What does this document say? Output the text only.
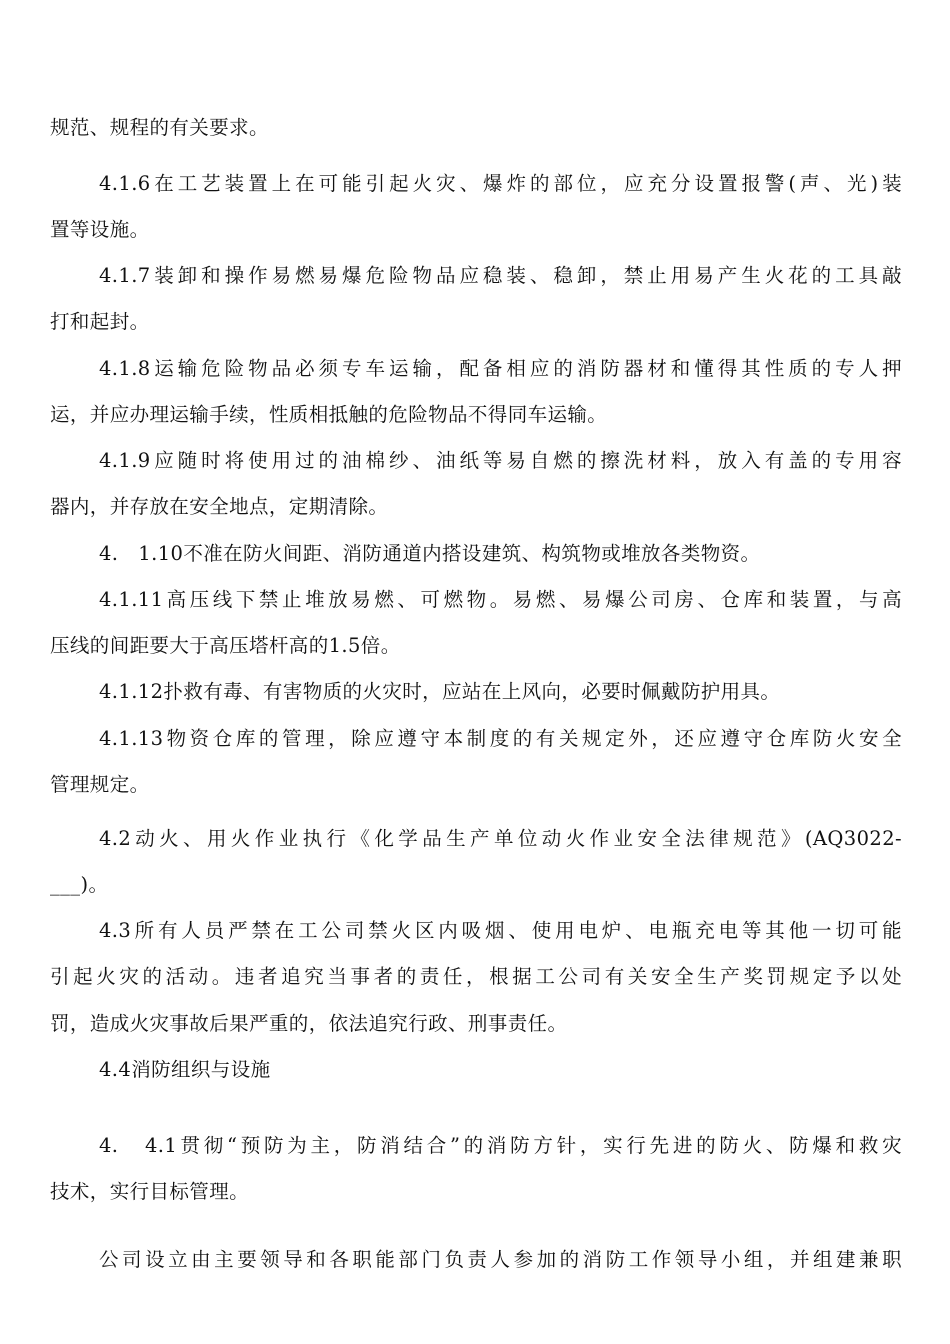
规范、规程的有关要求。
4.1.6在工艺装置上在可能引起火灾、爆炸的部位，应充分设置报警(声、光)装
置等设施。
4.1.7装卸和操作易燃易爆危险物品应稳装、稳卸，禁止用易产生火花的工具敲
打和起封。
4.1.8运输危险物品必须专车运输，配备相应的消防器材和懂得其性质的专人押
运，并应办理运输手续，性质相抵触的危险物品不得同车运输。
4.1.9应随时将使用过的油棉纱、油纸等易自燃的擦洗材料，放入有盖的专用容
器内，并存放在安全地点，定期清除。
4.　1.10不准在防火间距、消防通道内搭设建筑、构筑物或堆放各类物资。
4.1.11高压线下禁止堆放易燃、可燃物。易燃、易爆公司房、仓库和装置，与高
压线的间距要大于高压塔杆高的1.5倍。
4.1.12扑救有毒、有害物质的火灾时，应站在上风向，必要时佩戴防护用具。
4.1.13物资仓库的管理，除应遵守本制度的有关规定外，还应遵守仓库防火安全
管理规定。
4.2动火、用火作业执行《化学品生产单位动火作业安全法律规范》(AQ3022-
___)。
4.3所有人员严禁在工公司禁火区内吸烟、使用电炉、电瓶充电等其他一切可能
引起火灾的活动。违者追究当事者的责任，根据工公司有关安全生产奖罚规定予以处
罚，造成火灾事故后果严重的，依法追究行政、刑事责任。
4.4消防组织与设施
4.　4.1贯彻“预防为主，防消结合”的消防方针，实行先进的防火、防爆和救灾
技术，实行目标管理。
公司设立由主要领导和各职能部门负责人参加的消防工作领导小组，并组建兼职
